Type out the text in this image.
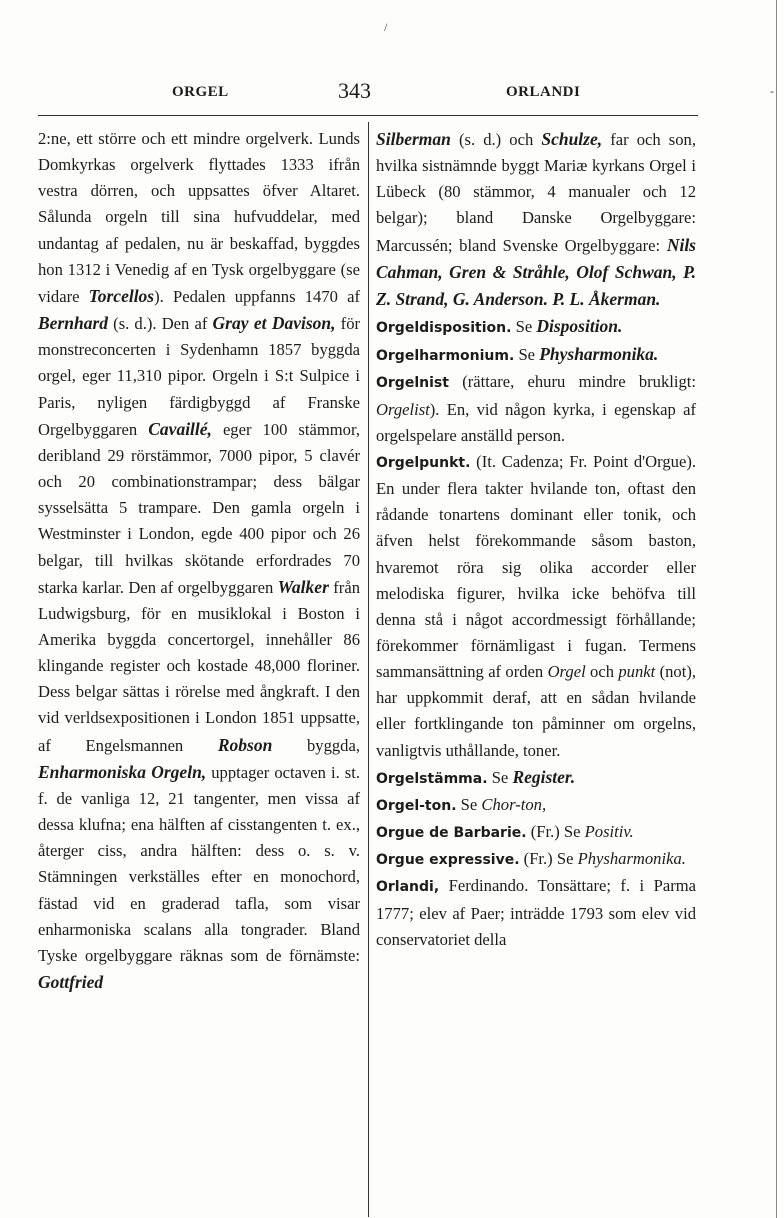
/
‑
ORGEL	343	ORLANDI

2:ne, ett större och ett mindre orgelverk. Lunds Domkyrkas orgelverk flyttades 1333 ifrån vestra dörren, och uppsattes öfver Altaret. Sålunda orgeln till sina hufvuddelar, med undantag af pedalen, nu är beskaffad, byggdes hon 1312 i Venedig af en Tysk orgelbyggare (se vidare Torcellos). Pedalen uppfanns 1470 af Bernhard (s. d.). Den af Gray et Davison, för monstreconcerten i Sydenhamn 1857 byggda orgel, eger 11,310 pipor. Orgeln i S:t Sulpice i Paris, nyligen färdigbyggd af Franske Orgelbyggaren Cavaillé, eger 100 stämmor, deribland 29 rörstämmor, 7000 pipor, 5 clavér och 20 combinationstrampar; dess bälgar sysselsätta 5 trampare. Den gamla orgeln i Westminster i London, egde 400 pipor och 26 belgar, till hvilkas skötande erfordrades 70 starka karlar. Den af orgelbyggaren Walker från Ludwigsburg, för en musiklokal i Boston i Amerika byggda concertorgel, innehåller 86 klingande register och kostade 48,000 floriner. Dess belgar sättas i rörelse med ångkraft. I den vid verldsexpositionen i London 1851 uppsatte, af Engelsmannen Robson byggda, Enharmoniska Orgeln, upptager octaven i. st. f. de vanliga 12, 21 tangenter, men vissa af dessa klufna; ena hälften af cisstangenten t. ex., återger ciss, andra hälften: dess o. s. v. Stämningen verkställes efter en monochord, fästad vid en graderad tafla, som visar enharmoniska scalans alla tongrader. Bland Tyske orgelbyggare räknas som de förnämste: Gottfried

Silberman (s. d.) och Schulze, far och son, hvilka sistnämnde byggt Mariæ kyrkans Orgel i Lübeck (80 stämmor, 4 manualer och 12 belgar); bland Danske Orgelbyggare: Marcussén; bland Svenske Orgelbyggare: Nils Cahman, Gren & Stråhle, Olof Schwan, P. Z. Strand, G. Anderson. P. L. Åkerman.

Orgeldisposition. Se Disposition.

Orgelharmonium. Se Physharmonika.

Orgelnist (rättare, ehuru mindre brukligt: Orgelist). En, vid någon kyrka, i egenskap af orgelspelare anställd person.

Orgelpunkt. (It. Cadenza; Fr. Point d'Orgue). En under flera takter hvilande ton, oftast den rådande tonartens dominant eller tonik, och äfven helst förekommande såsom baston, hvaremot röra sig olika accorder eller melodiska figurer, hvilka icke behöfva till denna stå i något accordmessigt förhållande; förekommer förnämligast i fugan. Termens sammansättning af orden Orgel och punkt (not), har uppkommit deraf, att en sådan hvilande eller fortklingande ton påminner om orgelns, vanligtvis uthållande, toner.

Orgelstämma. Se Register.

Orgel-ton. Se Chor-ton,

Orgue de Barbarie. (Fr.) Se Positiv.

Orgue expressive. (Fr.) Se Physharmonika.

Orlandi, Ferdinando. Tonsättare; f. i Parma 1777; elev af Paer; inträdde 1793 som elev vid conservatoriet della
